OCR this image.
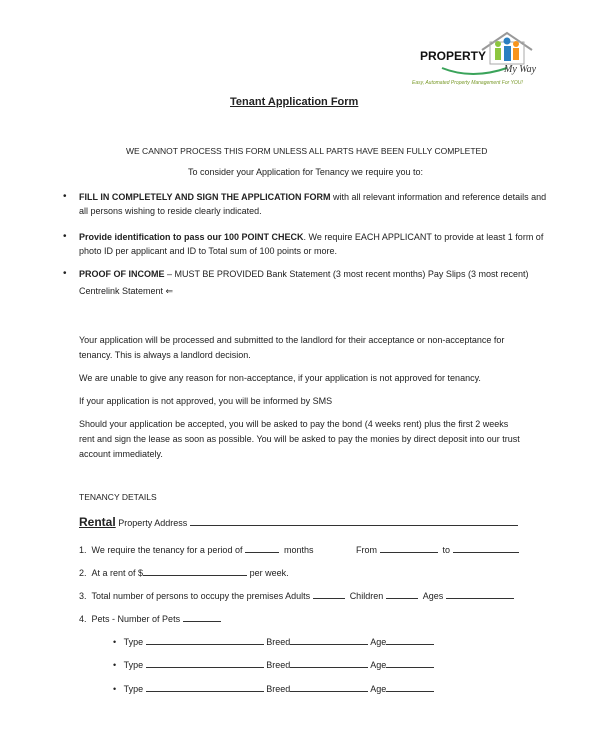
PROPERTY
My Way
Easy, Automated Property Management For YOU!
Tenant Application Form
WE CANNOT PROCESS THIS FORM UNLESS ALL PARTS HAVE BEEN FULLY COMPLETED
To consider your Application for Tenancy we require you to:
• FILL IN COMPLETELY AND SIGN THE APPLICATION FORM with all relevant information and reference details and
all persons wishing to reside clearly indicated.
• Provide identification to pass our 100 POINT CHECK. We require EACH APPLICANT to provide at least 1 form of
photo ID per applicant and ID to Total sum of 100 points or more.
• PROOF OF INCOME – MUST BE PROVIDED Bank Statement (3 most recent months) Pay Slips (3 most recent)
Centrelink Statement ⇐
Your application will be processed and submitted to the landlord for their acceptance or non-acceptance for
tenancy. This is always a landlord decision.
We are unable to give any reason for non-acceptance, if your application is not approved for tenancy.
If your application is not approved, you will be informed by SMS
Should your application be accepted, you will be asked to pay the bond (4 weeks rent) plus the first 2 weeks
rent and sign the lease as soon as possible. You will be asked to pay the monies by direct deposit into our trust
account immediately.
TENANCY DETAILS
Rental Property Address
1. We require the tenancy for a period of	months	From	to
2. At a rent of $	per week.
3. Total number of persons to occupy the premises Adults	Children	Ages
4. Pets - Number of Pets
• Type	Breed	Age
• Type	Breed	Age
• Type	Breed	Age
